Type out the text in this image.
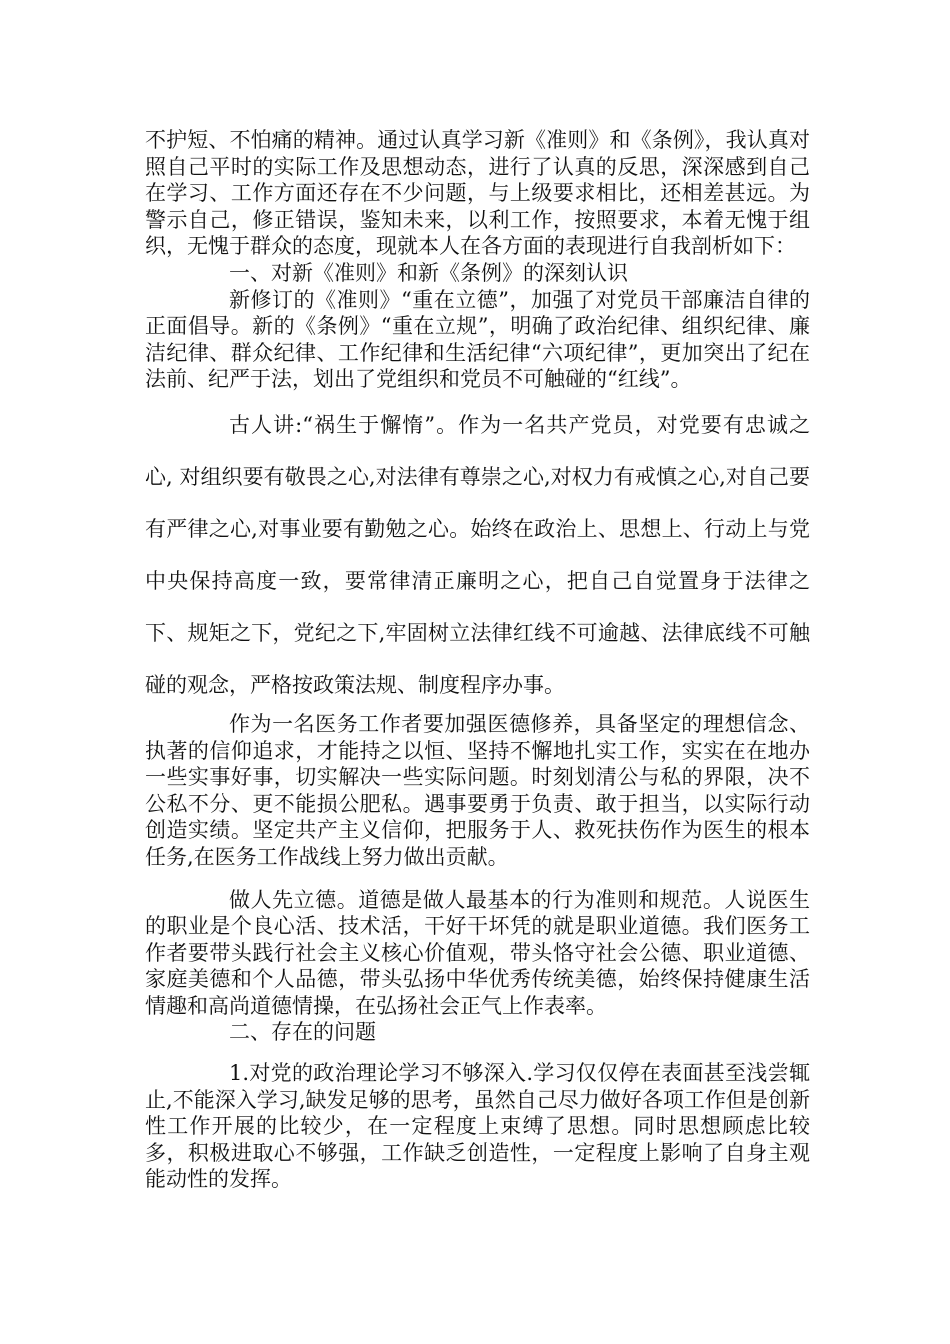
不护短、不怕痛的精神。通过认真学习新《准则》和《条例》，我认真对照自己平时的实际工作及思想动态，进行了认真的反思，深深感到自己在学习、工作方面还存在不少问题，与上级要求相比，还相差甚远。为警示自己，修正错误，鉴知未来，以利工作，按照要求，本着无愧于组织，无愧于群众的态度，现就本人在各方面的表现进行自我剖析如下：

一、对新《准则》和新《条例》的深刻认识

新修订的《准则》“重在立德”，加强了对党员干部廉洁自律的正面倡导。新的《条例》“重在立规”，明确了政治纪律、组织纪律、廉洁纪律、群众纪律、工作纪律和生活纪律“六项纪律”，更加突出了纪在法前、纪严于法，划出了党组织和党员不可触碰的“红线”。

古人讲:“祸生于懈惰”。作为一名共产党员，对党要有忠诚之心, 对组织要有敬畏之心,对法律有尊崇之心,对权力有戒慎之心,对自己要有严律之心,对事业要有勤勉之心。始终在政治上、思想上、行动上与党中央保持高度一致，要常律清正廉明之心，把自己自觉置身于法律之下、规矩之下，党纪之下,牢固树立法律红线不可逾越、法律底线不可触碰的观念，严格按政策法规、制度程序办事。

作为一名医务工作者要加强医德修养，具备坚定的理想信念、执著的信仰追求，才能持之以恒、坚持不懈地扎实工作，实实在在地办一些实事好事，切实解决一些实际问题。时刻划清公与私的界限，决不公私不分、更不能损公肥私。遇事要勇于负责、敢于担当，以实际行动创造实绩。坚定共产主义信仰，把服务于人、救死扶伤作为医生的根本任务,在医务工作战线上努力做出贡献。

做人先立德。道德是做人最基本的行为准则和规范。人说医生的职业是个良心活、技术活，干好干坏凭的就是职业道德。我们医务工作者要带头践行社会主义核心价值观，带头恪守社会公德、职业道德、家庭美德和个人品德，带头弘扬中华优秀传统美德，始终保持健康生活情趣和高尚道德情操，在弘扬社会正气上作表率。

二、存在的问题

1.对党的政治理论学习不够深入.学习仅仅停在表面甚至浅尝辄止,不能深入学习,缺发足够的思考，虽然自己尽力做好各项工作但是创新性工作开展的比较少，在一定程度上束缚了思想。同时思想顾虑比较多，积极进取心不够强，工作缺乏创造性，一定程度上影响了自身主观能动性的发挥。
